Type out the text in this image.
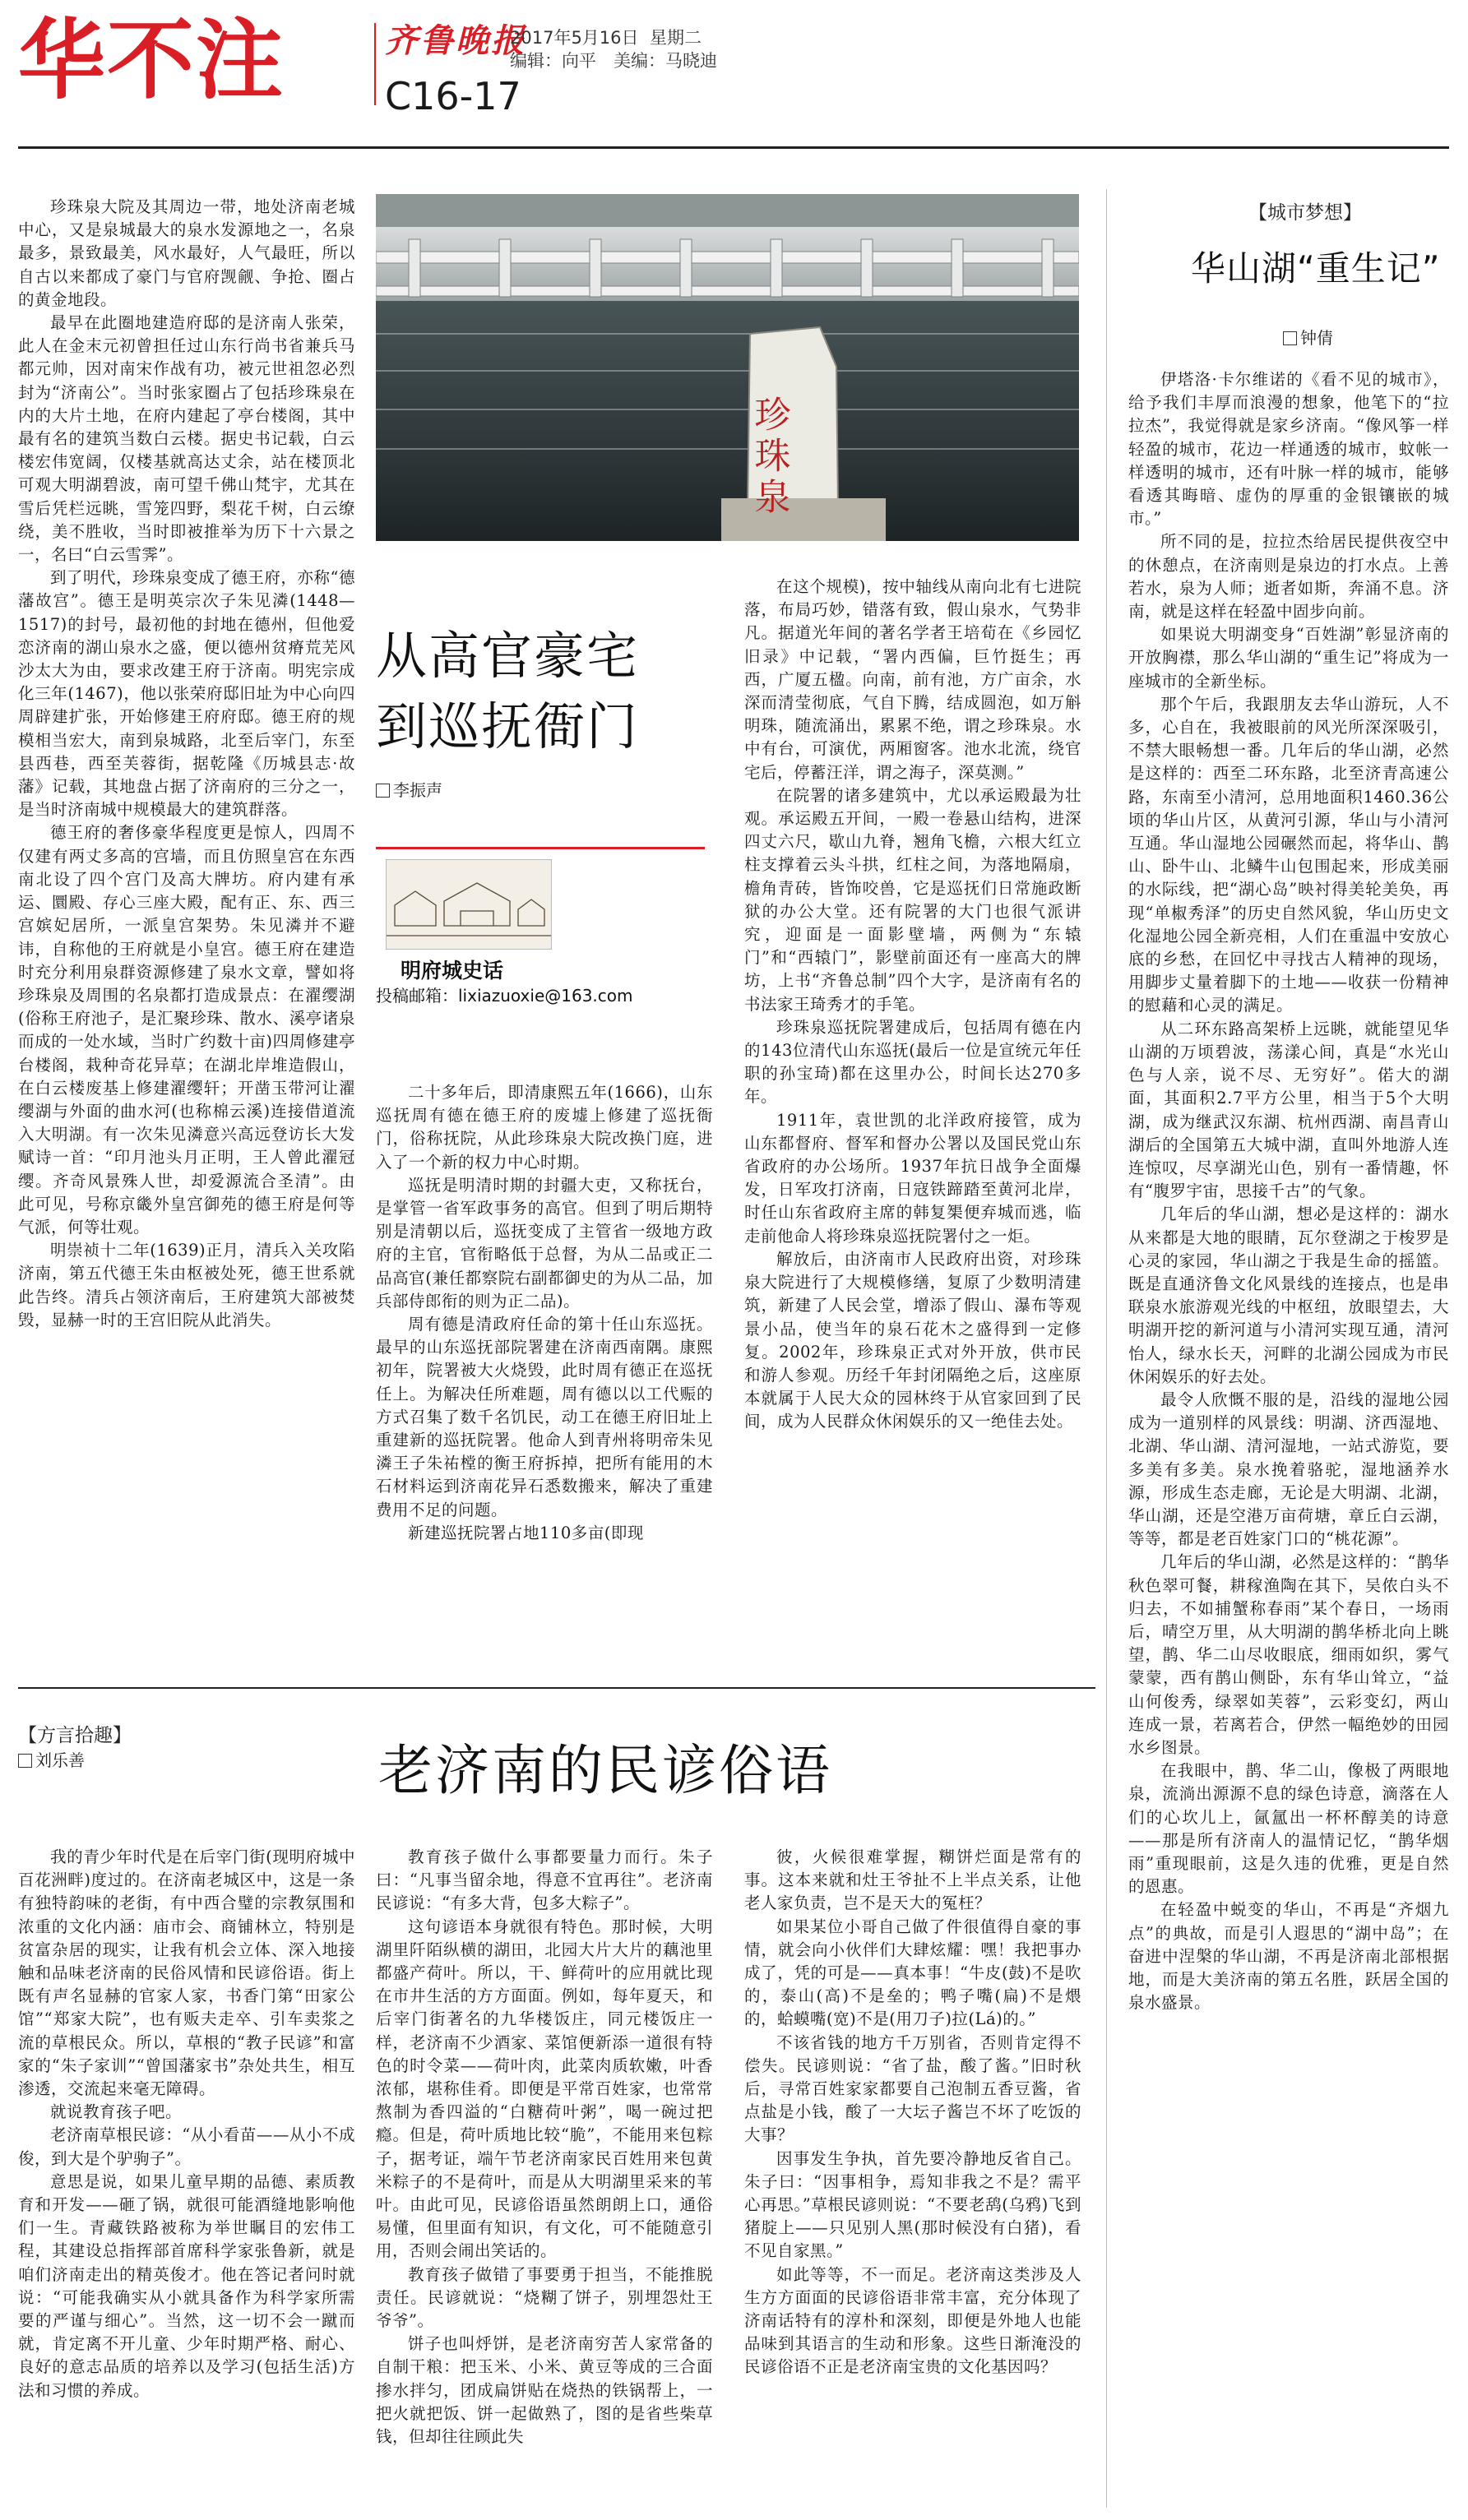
华不注	齐鲁晚报
2017年5月16日 星期二
编辑：向平　美编：马晓迪
C16-17

珍珠泉大院及其周边一带，地处济南老城中心，又是泉城最大的泉水发源地之一，名泉最多，景致最美，风水最好，人气最旺，所以自古以来都成了豪门与官府觊觎、争抢、圈占的黄金地段。

最早在此圈地建造府邸的是济南人张荣，此人在金末元初曾担任过山东行尚书省兼兵马都元帅，因对南宋作战有功，被元世祖忽必烈封为“济南公”。当时张家圈占了包括珍珠泉在内的大片土地，在府内建起了亭台楼阁，其中最有名的建筑当数白云楼。据史书记载，白云楼宏伟宽阔，仅楼基就高达丈余，站在楼顶北可观大明湖碧波，南可望千佛山梵宇，尤其在雪后凭栏远眺，雪笼四野，梨花千树，白云缭绕，美不胜收，当时即被推举为历下十六景之一，名曰“白云雪霁”。

到了明代，珍珠泉变成了德王府，亦称“德藩故宫”。德王是明英宗次子朱见潾(1448—1517)的封号，最初他的封地在德州，但他爱恋济南的湖山泉水之盛，便以德州贫瘠荒芜风沙太大为由，要求改建王府于济南。明宪宗成化三年(1467)，他以张荣府邸旧址为中心向四周辟建扩张，开始修建王府府邸。德王府的规模相当宏大，南到泉城路，北至后宰门，东至县西巷，西至芙蓉街，据乾隆《历城县志·故藩》记载，其地盘占据了济南府的三分之一，是当时济南城中规模最大的建筑群落。

德王府的奢侈豪华程度更是惊人，四周不仅建有两丈多高的宫墙，而且仿照皇宫在东西南北设了四个宫门及高大牌坊。府内建有承运、圜殿、存心三座大殿，配有正、东、西三宫嫔妃居所，一派皇宫架势。朱见潾并不避讳，自称他的王府就是小皇宫。德王府在建造时充分利用泉群资源修建了泉水文章，譬如将珍珠泉及周围的名泉都打造成景点：在濯缨湖(俗称王府池子，是汇聚珍珠、散水、溪亭诸泉而成的一处水域，当时广约数十亩)四周修建亭台楼阁，栽种奇花异草；在湖北岸堆造假山，在白云楼废基上修建濯缨轩；开凿玉带河让濯缨湖与外面的曲水河(也称棉云溪)连接借道流入大明湖。有一次朱见潾意兴高远登访长大发赋诗一首：“印月池头月正明，王人曾此濯冠缨。齐奇风景殊人世，却爱源流合圣清”。由此可见，号称京畿外皇宫御苑的德王府是何等气派，何等壮观。

明崇祯十二年(1639)正月，清兵入关攻陷济南，第五代德王朱由枢被处死，德王世系就此告终。清兵占领济南后，王府建筑大部被焚毁，显赫一时的王宫旧院从此消失。

珍珠泉
从高官豪宅
到巡抚衙门
李振声
明府城史话
投稿邮箱：lixiazuoxie@163.com

二十多年后，即清康熙五年(1666)，山东巡抚周有德在德王府的废墟上修建了巡抚衙门，俗称抚院，从此珍珠泉大院改换门庭，进入了一个新的权力中心时期。

巡抚是明清时期的封疆大吏，又称抚台，是掌管一省军政事务的高官。但到了明后期特别是清朝以后，巡抚变成了主管省一级地方政府的主官，官衔略低于总督，为从二品或正二品高官(兼任都察院右副都御史的为从二品，加兵部侍郎衔的则为正二品)。

周有德是清政府任命的第十任山东巡抚。最早的山东巡抚部院署建在济南西南隅。康熙初年，院署被大火烧毁，此时周有德正在巡抚任上。为解决任所难题，周有德以以工代赈的方式召集了数千名饥民，动工在德王府旧址上重建新的巡抚院署。他命人到青州将明帝朱见潾王子朱祐樘的衡王府拆掉，把所有能用的木石材料运到济南花异石悉数搬来，解决了重建费用不足的问题。

新建巡抚院署占地110多亩(即现

在这个规模)，按中轴线从南向北有七进院落，布局巧妙，错落有致，假山泉水，气势非凡。据道光年间的著名学者王培荀在《乡园忆旧录》中记载，“署内西偏，巨竹挺生；再西，广厦五楹。向南，前有池，方广亩余，水深而清莹彻底，气自下腾，结成圆泡，如万斛明珠，随流涌出，累累不绝，谓之珍珠泉。水中有台，可演优，两厢窗客。池水北流，绕官宅后，停蓄汪洋，谓之海子，深莫测。”

在院署的诸多建筑中，尤以承运殿最为壮观。承运殿五开间，一殿一卷悬山结构，进深四丈六尺，歇山九脊，翘角飞檐，六根大红立柱支撑着云头斗拱，红柱之间，为落地隔扇，檐角青砖，皆饰咬兽，它是巡抚们日常施政断狱的办公大堂。还有院署的大门也很气派讲究，迎面是一面影壁墙，两侧为“东辕门”和“西辕门”，影壁前面还有一座高大的牌坊，上书“齐鲁总制”四个大字，是济南有名的书法家王琦秀才的手笔。

珍珠泉巡抚院署建成后，包括周有德在内的143位清代山东巡抚(最后一位是宣统元年任职的孙宝琦)都在这里办公，时间长达270多年。

1911年，袁世凯的北洋政府接管，成为山东都督府、督军和督办公署以及国民党山东省政府的办公场所。1937年抗日战争全面爆发，日军攻打济南，日寇铁蹄踏至黄河北岸，时任山东省政府主席的韩复榘便弃城而逃，临走前他命人将珍珠泉巡抚院署付之一炬。

解放后，由济南市人民政府出资，对珍珠泉大院进行了大规模修缮，复原了少数明清建筑，新建了人民会堂，增添了假山、瀑布等观景小品，使当年的泉石花木之盛得到一定修复。2002年，珍珠泉正式对外开放，供市民和游人参观。历经千年封闭隔绝之后，这座原本就属于人民大众的园林终于从官家回到了民间，成为人民群众休闲娱乐的又一绝佳去处。

【城市梦想】
华山湖“重生记”
钟倩

伊塔洛·卡尔维诺的《看不见的城市》，给予我们丰厚而浪漫的想象，他笔下的“拉拉杰”，我觉得就是家乡济南。“像风筝一样轻盈的城市，花边一样通透的城市，蚊帐一样透明的城市，还有叶脉一样的城市，能够看透其晦暗、虚伪的厚重的金银镶嵌的城市。”

所不同的是，拉拉杰给居民提供夜空中的休憩点，在济南则是泉边的打水点。上善若水，泉为人师；逝者如斯，奔涌不息。济南，就是这样在轻盈中固步向前。

如果说大明湖变身“百姓湖”彰显济南的开放胸襟，那么华山湖的“重生记”将成为一座城市的全新坐标。

那个午后，我跟朋友去华山游玩，人不多，心自在，我被眼前的风光所深深吸引，不禁大眼畅想一番。几年后的华山湖，必然是这样的：西至二环东路，北至济青高速公路，东南至小清河，总用地面积1460.36公顷的华山片区，从黄河引源，华山与小清河互通。华山湿地公园碾然而起，将华山、鹊山、卧牛山、北鳞牛山包围起来，形成美丽的水际线，把“湖心岛”映衬得美轮美奂，再现“单椒秀泽”的历史自然风貌，华山历史文化湿地公园全新亮相，人们在重温中安放心底的乡愁，在回忆中寻找古人精神的现场，用脚步丈量着脚下的土地——收获一份精神的慰藉和心灵的满足。

从二环东路高架桥上远眺，就能望见华山湖的万顷碧波，荡漾心间，真是“水光山色与人亲，说不尽、无穷好”。偌大的湖面，其面积2.7平方公里，相当于5个大明湖，成为继武汉东湖、杭州西湖、南昌青山湖后的全国第五大城中湖，直叫外地游人连连惊叹，尽享湖光山色，别有一番情趣，怀有“腹罗宇宙，思接千古”的气象。

几年后的华山湖，想必是这样的：湖水从来都是大地的眼睛，瓦尔登湖之于梭罗是心灵的家园，华山湖之于我是生命的摇篮。既是直通济鲁文化风景线的连接点，也是串联泉水旅游观光线的中枢纽，放眼望去，大明湖开挖的新河道与小清河实现互通，清河怡人，绿水长天，河畔的北湖公园成为市民休闲娱乐的好去处。

最令人欣慨不服的是，沿线的湿地公园成为一道别样的风景线：明湖、济西湿地、北湖、华山湖、清河湿地，一站式游览，要多美有多美。泉水挽着骆驼，湿地涵养水源，形成生态走廊，无论是大明湖、北湖，华山湖，还是空港万亩荷塘，章丘白云湖，等等，都是老百姓家门口的“桃花源”。

几年后的华山湖，必然是这样的：“鹊华秋色翠可餐，耕稼渔陶在其下，吴侬白头不归去，不如捕蟹称春雨”某个春日，一场雨后，晴空万里，从大明湖的鹊华桥北向上眺望，鹊、华二山尽收眼底，细雨如织，雾气蒙蒙，西有鹊山侧卧，东有华山耸立，“益山何俊秀，绿翠如芙蓉”，云彩变幻，两山连成一景，若离若合，伊然一幅绝妙的田园水乡图景。

在我眼中，鹊、华二山，像极了两眼地泉，流淌出源源不息的绿色诗意，滴落在人们的心坎儿上，氤氲出一杯杯醇美的诗意——那是所有济南人的温情记忆，“鹊华烟雨”重现眼前，这是久违的优雅，更是自然的恩惠。

在轻盈中蜕变的华山，不再是“齐烟九点”的典故，而是引人遐思的“湖中岛”；在奋进中涅槃的华山湖，不再是济南北部根据地，而是大美济南的第五名胜，跃居全国的泉水盛景。

【方言拾趣】
刘乐善	老济南的民谚俗语

我的青少年时代是在后宰门街(现明府城中百花洲畔)度过的。在济南老城区中，这是一条有独特韵味的老街，有中西合璧的宗教氛围和浓重的文化内涵：庙市会、商铺林立，特别是贫富杂居的现实，让我有机会立体、深入地接触和品味老济南的民俗风情和民谚俗语。街上既有声名显赫的官家人家，书香门第“田家公馆”“郑家大院”，也有贩夫走卒、引车卖浆之流的草根民众。所以，草根的“教子民谚”和富家的“朱子家训”“曾国藩家书”杂处共生，相互渗透，交流起来毫无障碍。

就说教育孩子吧。

老济南草根民谚：“从小看苗——从小不成俊，到大是个驴驹子”。

意思是说，如果儿童早期的品德、素质教育和开发——砸了锅，就很可能酒缝地影响他们一生。青藏铁路被称为举世瞩目的宏伟工程，其建设总指挥部首席科学家张鲁新，就是咱们济南走出的精英俊才。他在答记者问时就说：“可能我确实从小就具备作为科学家所需要的严谨与细心”。当然，这一切不会一蹴而就，肯定离不开儿童、少年时期严格、耐心、良好的意志品质的培养以及学习(包括生活)方法和习惯的养成。

教育孩子做什么事都要量力而行。朱子曰：“凡事当留余地，得意不宜再往”。老济南民谚说：“有多大背，包多大粽子”。

这句谚语本身就很有特色。那时候，大明湖里阡陌纵横的湖田，北园大片大片的藕池里都盛产荷叶。所以，干、鲜荷叶的应用就比现在市井生活的方方面面。例如，每年夏天，和后宰门街著名的九华楼饭庄，同元楼饭庄一样，老济南不少酒家、菜馆便新添一道很有特色的时令菜——荷叶肉，此菜肉质软嫩，叶香浓郁，堪称佳肴。即便是平常百姓家，也常常熬制为香四溢的“白糖荷叶粥”，喝一碗过把瘾。但是，荷叶质地比较“脆”，不能用来包粽子，据考证，端午节老济南家民百姓用来包黄米粽子的不是荷叶，而是从大明湖里采来的苇叶。由此可见，民谚俗语虽然朗朗上口，通俗易懂，但里面有知识，有文化，可不能随意引用，否则会闹出笑话的。

教育孩子做错了事要勇于担当，不能推脱责任。民谚就说：“烧糊了饼子，别埋怨灶王爷爷”。

饼子也叫烀饼，是老济南穷苦人家常备的自制干粮：把玉米、小米、黄豆等成的三合面掺水拌匀，团成扁饼贴在烧热的铁锅帮上，一把火就把饭、饼一起做熟了，图的是省些柴草钱，但却往往顾此失

彼，火候很难掌握，糊饼烂面是常有的事。这本来就和灶王爷扯不上半点关系，让他老人家负责，岂不是天大的冤枉？

如果某位小哥自己做了件很值得自豪的事情，就会向小伙伴们大肆炫耀：嘿！我把事办成了，凭的可是——真本事！“牛皮(鼓)不是吹的，泰山(高)不是垒的；鸭子嘴(扁)不是煨的，蛤蟆嘴(宽)不是(用刀子)拉(Lá)的。”

不该省钱的地方千万别省，否则肯定得不偿失。民谚则说：“省了盐，酸了酱。”旧时秋后，寻常百姓家家都要自己泡制五香豆酱，省点盐是小钱，酸了一大坛子酱岂不坏了吃饭的大事？

因事发生争执，首先要冷静地反省自己。朱子曰：“因事相争，焉知非我之不是？需平心再思。”草根民谚则说：“不要老鸹(乌鸦)飞到猪腚上——只见别人黑(那时候没有白猪)，看不见自家黑。”

如此等等，不一而足。老济南这类涉及人生方方面面的民谚俗语非常丰富，充分体现了济南话特有的淳朴和深刻，即便是外地人也能品味到其语言的生动和形象。这些日渐淹没的民谚俗语不正是老济南宝贵的文化基因吗？
